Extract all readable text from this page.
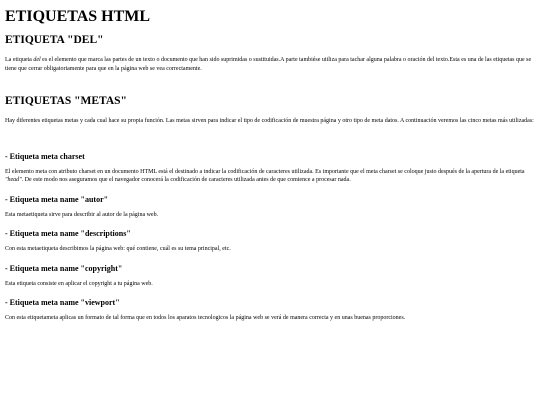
ETIQUETAS HTML
ETIQUETA "DEL"

La etiqueta del es el elemento que marca las partes de un texto o documento que han sido suprimidas o sustituidas.A parte tambiése utiliza para tachar alguna palabra o oración del texto.Esta es una de las etiquetas que se tiene que cerrar obligatoriamente para que en la página web se vea correctamente.

ETIQUETAS "METAS"

Hay diferentes etiquetas metas y cada cual hace su propia función. Las metas sirven para indicar el tipo de codificación de muestra página y otro tipo de meta datos. A continuación veremos las cinco metas más utilizadas:

- Etiqueta meta charset

El elemento meta con atributo charset en un documento HTML está el destinado a indicar la codificación de caracteres utilizada. Es importante que el meta charset se coloque justo después de la apertura de la etiqueta "head". De este modo nos aseguramos que el navegador conocerá la codificación de caracteres utilizada antes de que comience a procesar nada.

- Etiqueta meta name "autor"

Esta metaetiqueta sirve para describir al autor de la página web.

- Etiqueta meta name "descriptions"

Con esta metaetiqueta describimos la página web: qué contiene, cuál es su tema principal, etc.

- Etiqueta meta name "copyright"

Esta etiqueta consiste en aplicar el copyright a tu página web.

- Etiqueta meta name "viewport"

Con esta etiquetameta aplicas un formato de tal forma que en todos los aparatos tecnologicos la página web se verá de manera correcta y en unas buenas proporciones.
